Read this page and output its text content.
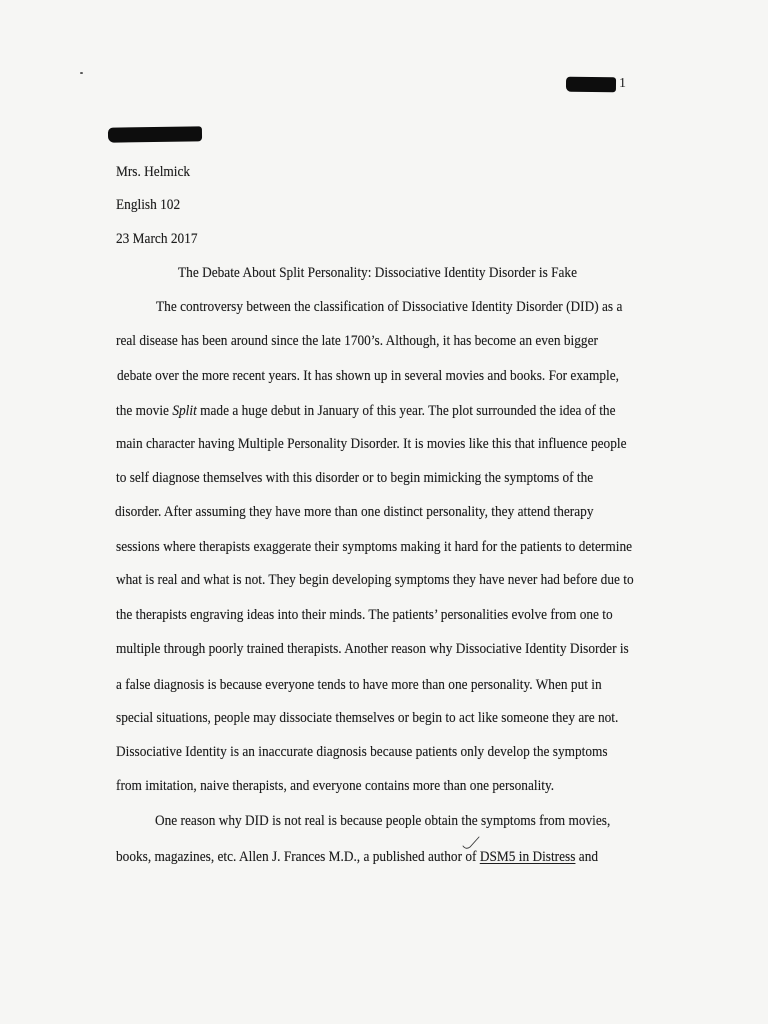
1
Mrs. Helmick
English 102
23 March 2017
The Debate About Split Personality: Dissociative Identity Disorder is Fake
The controversy between the classification of Dissociative Identity Disorder (DID) as a
real disease has been around since the late 1700’s. Although, it has become an even bigger
debate over the more recent years. It has shown up in several movies and books. For example,
the movie Split made a huge debut in January of this year. The plot surrounded the idea of the
main character having Multiple Personality Disorder. It is movies like this that influence people
to self diagnose themselves with this disorder or to begin mimicking the symptoms of the
disorder. After assuming they have more than one distinct personality, they attend therapy
sessions where therapists exaggerate their symptoms making it hard for the patients to determine
what is real and what is not. They begin developing symptoms they have never had before due to
the therapists engraving ideas into their minds. The patients’ personalities evolve from one to
multiple through poorly trained therapists. Another reason why Dissociative Identity Disorder is
a false diagnosis is because everyone tends to have more than one personality. When put in
special situations, people may dissociate themselves or begin to act like someone they are not.
Dissociative Identity is an inaccurate diagnosis because patients only develop the symptoms
from imitation, naive therapists, and everyone contains more than one personality.
One reason why DID is not real is because people obtain the symptoms from movies,
books, magazines, etc. Allen J. Frances M.D., a published author of DSM5 in Distress and
